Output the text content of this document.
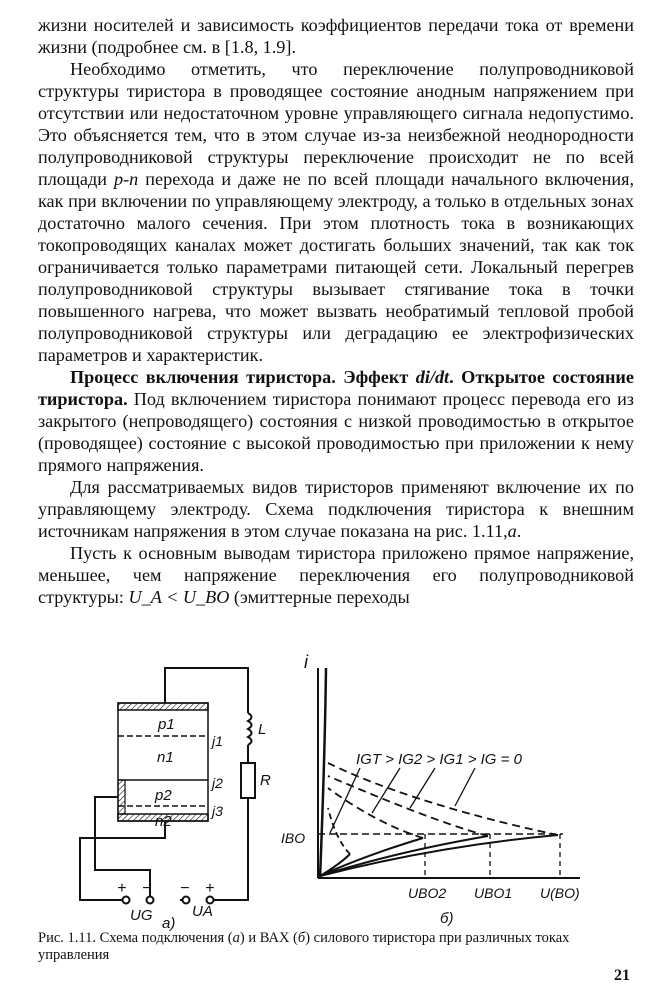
жизни носителей и зависимость коэффициентов передачи тока от времени жизни (подробнее см. в [1.8, 1.9].

Необходимо отметить, что переключение полупроводниковой структуры тиристора в проводящее состояние анодным напряжением при отсутствии или недостаточном уровне управляющего сигнала недопустимо. Это объясняется тем, что в этом случае из-за неизбежной неоднородности полупроводниковой структуры переключение происходит не по всей площади p-n перехода и даже не по всей площади начального включения, как при включении по управляющему электроду, а только в отдельных зонах достаточно малого сечения. При этом плотность тока в возникающих токопроводящих каналах может достигать больших значений, так как ток ограничивается только параметрами питающей сети. Локальный перегрев полупроводниковой структуры вызывает стягивание тока в точки повышенного нагрева, что может вызвать необратимый тепловой пробой полупроводниковой структуры или деградацию ее электрофизических параметров и характеристик.

Процесс включения тиристора. Эффект di/dt. Открытое состояние тиристора. Под включением тиристора понимают процесс перевода его из закрытого (непроводящего) состояния с низкой проводимостью в открытое (проводящее) состояние с высокой проводимостью при приложении к нему прямого напряжения.

Для рассматриваемых видов тиристоров применяют включение их по управляющему электроду. Схема подключения тиристора к внешним источникам напряжения в этом случае показана на рис. 1.11,а.

Пусть к основным выводам тиристора приложено прямое напряжение, меньшее, чем напряжение переключения его полупроводниковой структуры: U_A < U_BO (эмиттерные переходы

p1
n1
p2
n2
j1
j2
j3
L
R
+ − − +
UG	UA
а)
i
IBO
UBO2 UBO1 U(BO)
IGT > IG2 > IG1 > IG = 0
б)
Рис. 1.11. Схема подключения (а) и ВАХ (б) силового тиристора при различных токах управления
21
